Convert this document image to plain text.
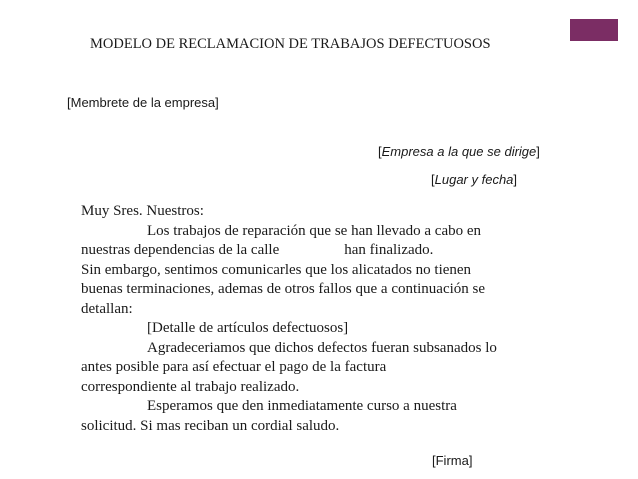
MODELO DE RECLAMACION DE TRABAJOS DEFECTUOSOS
[Membrete de la empresa]
[Empresa a la que se dirige]
[Lugar y fecha]
Muy Sres. Nuestros:
Los trabajos de reparación que se han llevado a cabo en
nuestras dependencias de la calle	han finalizado.
Sin embargo, sentimos comunicarles que los alicatados no tienen
buenas terminaciones, ademas de otros fallos que a continuación se
detallan:
[Detalle de artículos defectuosos]
Agradeceriamos que dichos defectos fueran subsanados lo
antes posible para así efectuar el pago de la factura
correspondiente al trabajo realizado.
Esperamos que den inmediatamente curso a nuestra
solicitud. Si mas reciban un cordial saludo.
[Firma]
